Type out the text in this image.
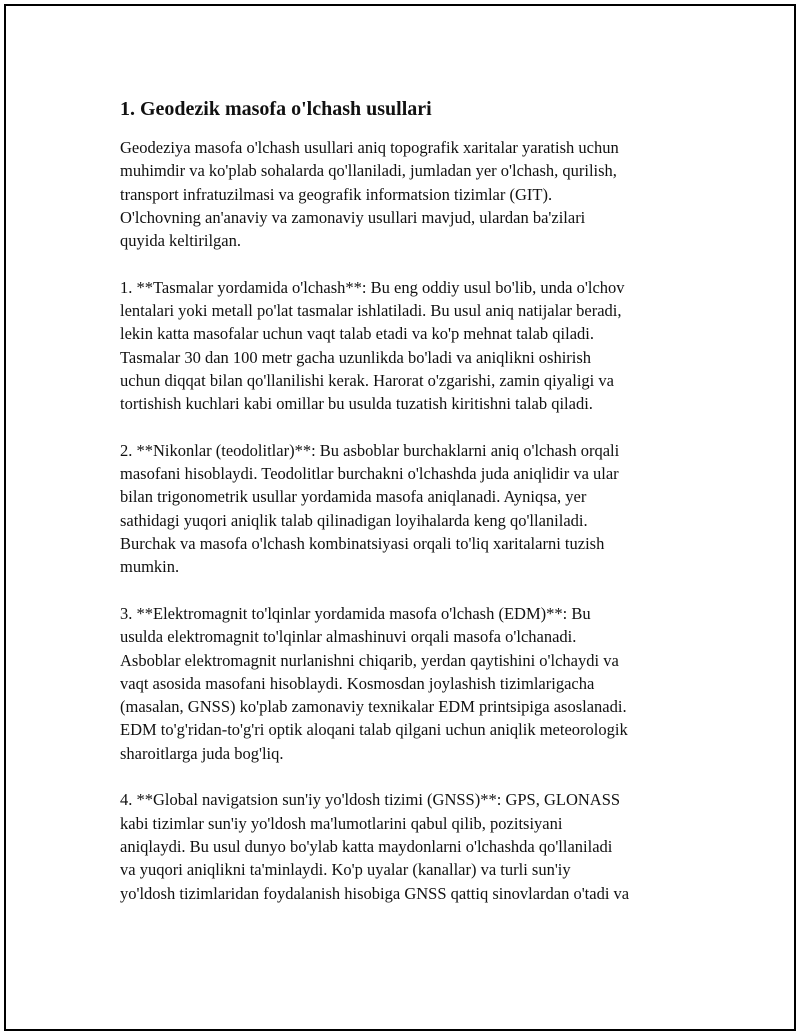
1. Geodezik masofa o'lchash usullari

Geodeziya masofa o'lchash usullari aniq topografik xaritalar yaratish uchun
muhimdir va ko'plab sohalarda qo'llaniladi, jumladan yer o'lchash, qurilish,
transport infratuzilmasi va geografik informatsion tizimlar (GIT).
O'lchovning an'anaviy va zamonaviy usullari mavjud, ulardan ba'zilari
quyida keltirilgan.

1. **Tasmalar yordamida o'lchash**: Bu eng oddiy usul bo'lib, unda o'lchov
lentalari yoki metall po'lat tasmalar ishlatiladi. Bu usul aniq natijalar beradi,
lekin katta masofalar uchun vaqt talab etadi va ko'p mehnat talab qiladi.
Tasmalar 30 dan 100 metr gacha uzunlikda bo'ladi va aniqlikni oshirish
uchun diqqat bilan qo'llanilishi kerak. Harorat o'zgarishi, zamin qiyaligi va
tortishish kuchlari kabi omillar bu usulda tuzatish kiritishni talab qiladi.

2. **Nikonlar (teodolitlar)**: Bu asboblar burchaklarni aniq o'lchash orqali
masofani hisoblaydi. Teodolitlar burchakni o'lchashda juda aniqlidir va ular
bilan trigonometrik usullar yordamida masofa aniqlanadi. Ayniqsa, yer
sathidagi yuqori aniqlik talab qilinadigan loyihalarda keng qo'llaniladi.
Burchak va masofa o'lchash kombinatsiyasi orqali to'liq xaritalarni tuzish
mumkin.

3. **Elektromagnit to'lqinlar yordamida masofa o'lchash (EDM)**: Bu
usulda elektromagnit to'lqinlar almashinuvi orqali masofa o'lchanadi.
Asboblar elektromagnit nurlanishni chiqarib, yerdan qaytishini o'lchaydi va
vaqt asosida masofani hisoblaydi. Kosmosdan joylashish tizimlarigacha
(masalan, GNSS) ko'plab zamonaviy texnikalar EDM printsipiga asoslanadi.
EDM to'g'ridan-to'g'ri optik aloqani talab qilgani uchun aniqlik meteorologik
sharoitlarga juda bog'liq.

4. **Global navigatsion sun'iy yo'ldosh tizimi (GNSS)**: GPS, GLONASS
kabi tizimlar sun'iy yo'ldosh ma'lumotlarini qabul qilib, pozitsiyani
aniqlaydi. Bu usul dunyo bo'ylab katta maydonlarni o'lchashda qo'llaniladi
va yuqori aniqlikni ta'minlaydi. Ko'p uyalar (kanallar) va turli sun'iy
yo'ldosh tizimlaridan foydalanish hisobiga GNSS qattiq sinovlardan o'tadi va
